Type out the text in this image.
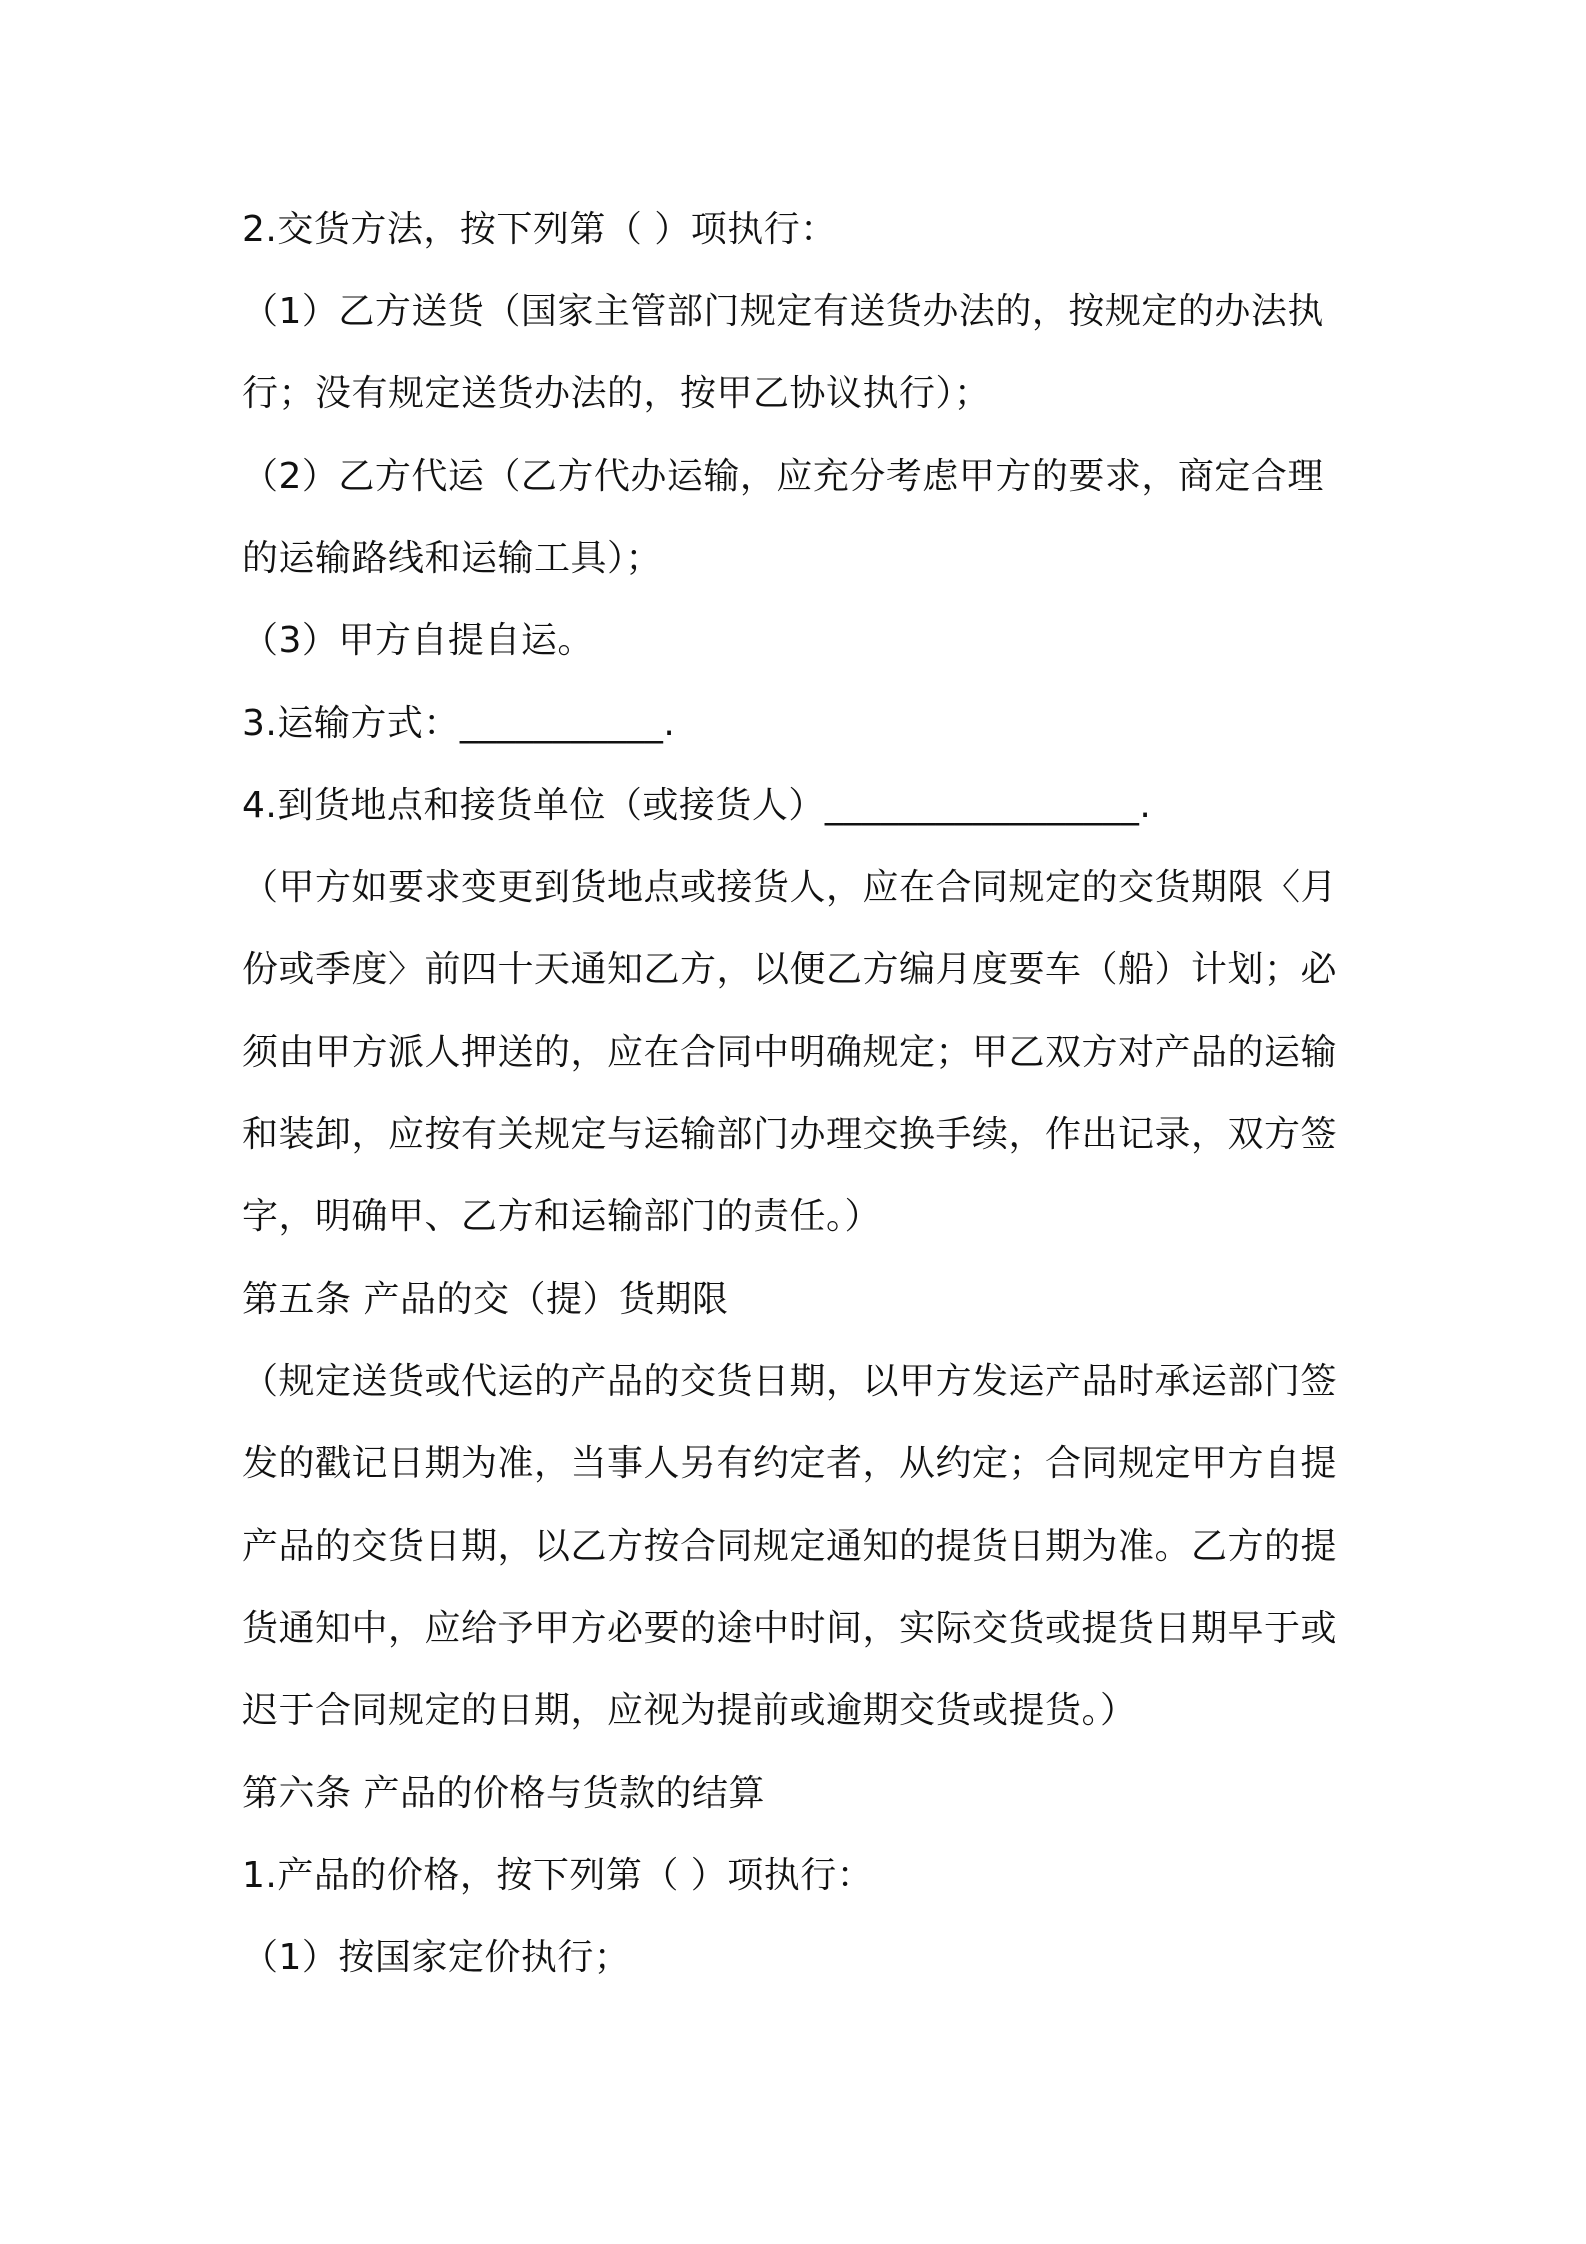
2.交货方法，按下列第（ ）项执行：
（1）乙方送货（国家主管部门规定有送货办法的，按规定的办法执
行；没有规定送货办法的，按甲乙协议执行）；
（2）乙方代运（乙方代办运输，应充分考虑甲方的要求，商定合理
的运输路线和运输工具）；
（3）甲方自提自运。
3.运输方式：___________.
4.到货地点和接货单位（或接货人）_________________.
（甲方如要求变更到货地点或接货人，应在合同规定的交货期限〈月
份或季度〉前四十天通知乙方，以便乙方编月度要车（船）计划；必
须由甲方派人押送的，应在合同中明确规定；甲乙双方对产品的运输
和装卸，应按有关规定与运输部门办理交换手续，作出记录，双方签
字，明确甲、乙方和运输部门的责任。）
第五条 产品的交（提）货期限
（规定送货或代运的产品的交货日期，以甲方发运产品时承运部门签
发的戳记日期为准，当事人另有约定者，从约定；合同规定甲方自提
产品的交货日期，以乙方按合同规定通知的提货日期为准。乙方的提
货通知中，应给予甲方必要的途中时间，实际交货或提货日期早于或
迟于合同规定的日期，应视为提前或逾期交货或提货。）
第六条 产品的价格与货款的结算
1.产品的价格，按下列第（ ）项执行：
（1）按国家定价执行；
